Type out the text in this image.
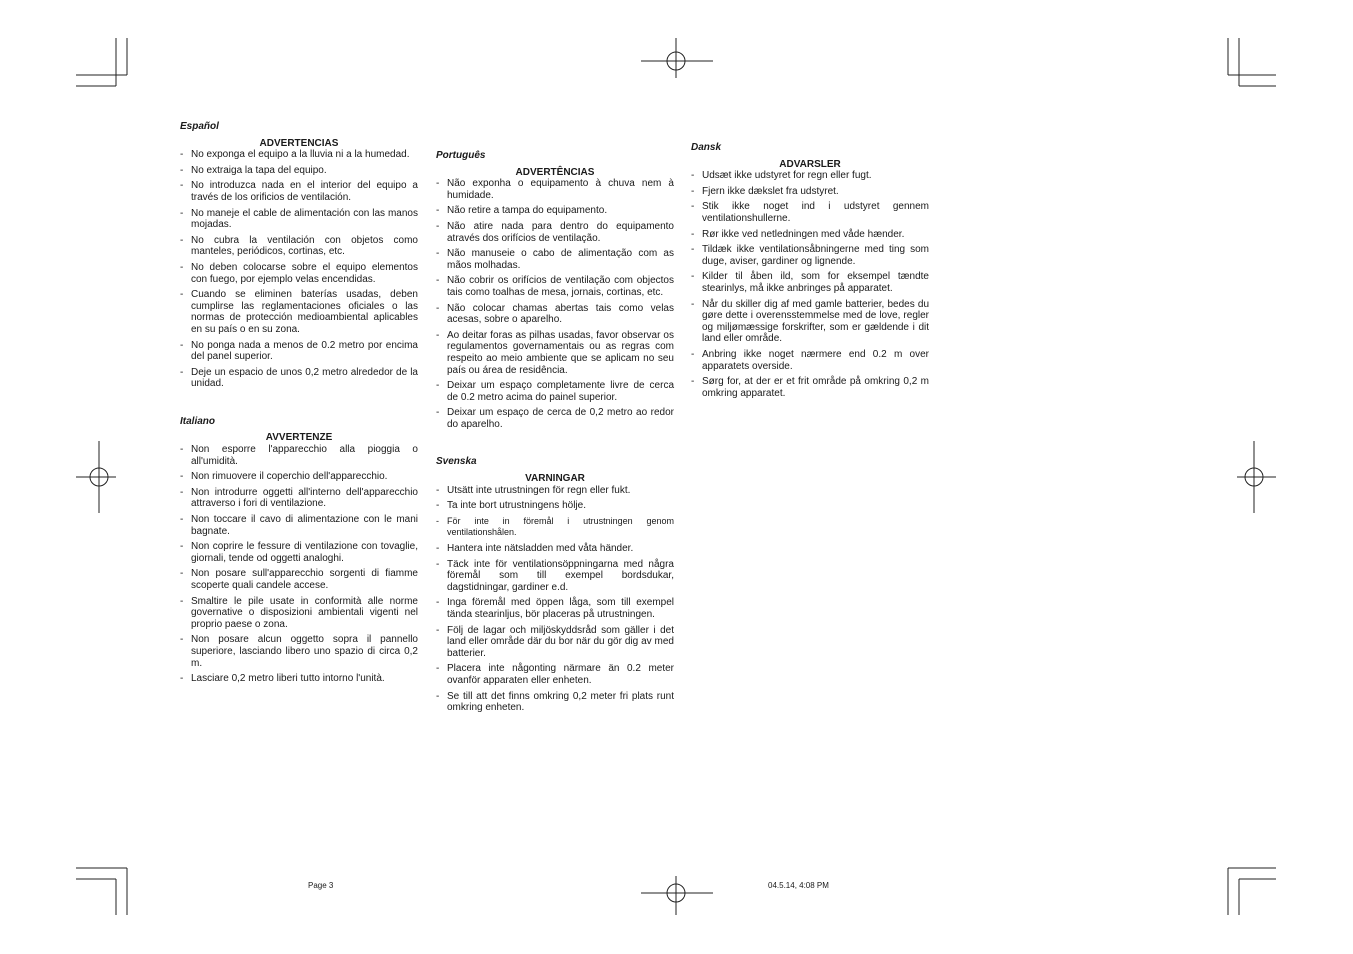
Español

ADVERTENCIAS

- No exponga el equipo a la lluvia ni a la humedad.
- No extraiga la tapa del equipo.
- No introduzca nada en el interior del equipo a través de los orificios de ventilación.
- No maneje el cable de alimentación con las manos mojadas.
- No cubra la ventilación con objetos como manteles, periódicos, cortinas, etc.
- No deben colocarse sobre el equipo elementos con fuego, por ejemplo velas encendidas.
- Cuando se eliminen baterías usadas, deben cumplirse las reglamentaciones oficiales o las normas de protección medioambiental aplicables en su país o en su zona.
- No ponga nada a menos de 0.2 metro por encima del panel superior.
- Deje un espacio de unos 0,2 metro alrededor de la unidad.

Italiano

AVVERTENZE

- Non esporre l'apparecchio alla pioggia o all'umidità.
- Non rimuovere il coperchio dell'apparecchio.
- Non introdurre oggetti all'interno dell'apparecchio attraverso i fori di ventilazione.
- Non toccare il cavo di alimentazione con le mani bagnate.
- Non coprire le fessure di ventilazione con tovaglie, giornali, tende od oggetti analoghi.
- Non posare sull'apparecchio sorgenti di fiamme scoperte quali candele accese.
- Smaltire le pile usate in conformità alle norme governative o disposizioni ambientali vigenti nel proprio paese o zona.
- Non posare alcun oggetto sopra il pannello superiore, lasciando libero uno spazio di circa 0,2 m.
- Lasciare 0,2 metro liberi tutto intorno l'unità.

Português

ADVERTÊNCIAS

- Não exponha o equipamento à chuva nem à humidade.
- Não retire a tampa do equipamento.
- Não atire nada para dentro do equipamento através dos orifícios de ventilação.
- Não manuseie o cabo de alimentação com as mãos molhadas.
- Não cobrir os orifícios de ventilação com objectos tais como toalhas de mesa, jornais, cortinas, etc.
- Não colocar chamas abertas tais como velas acesas, sobre o aparelho.
- Ao deitar foras as pilhas usadas, favor observar os regulamentos governamentais ou as regras com respeito ao meio ambiente que se aplicam no seu país ou área de residência.
- Deixar um espaço completamente livre de cerca de 0.2 metro acima do painel superior.
- Deixar um espaço de cerca de 0,2 metro ao redor do aparelho.

Svenska

VARNINGAR

- Utsätt inte utrustningen för regn eller fukt.
- Ta inte bort utrustningens hölje.
- För inte in föremål i utrustningen genom ventilationshålen.
- Hantera inte nätsladden med våta händer.
- Täck inte för ventilationsöppningarna med några föremål som till exempel bordsdukar, dagstidningar, gardiner e.d.
- Inga föremål med öppen låga, som till exempel tända stearinljus, bör placeras på utrustningen.
- Följ de lagar och miljöskyddsråd som gäller i det land eller område där du bor när du gör dig av med batterier.
- Placera inte någonting närmare än 0.2 meter ovanför apparaten eller enheten.
- Se till att det finns omkring 0,2 meter fri plats runt omkring enheten.

Dansk

ADVARSLER

- Udsæt ikke udstyret for regn eller fugt.
- Fjern ikke dækslet fra udstyret.
- Stik ikke noget ind i udstyret gennem ventilationshullerne.
- Rør ikke ved netledningen med våde hænder.
- Tildæk ikke ventilationsåbningerne med ting som duge, aviser, gardiner og lignende.
- Kilder til åben ild, som for eksempel tændte stearinlys, må ikke anbringes på apparatet.
- Når du skiller dig af med gamle batterier, bedes du gøre dette i overensstemmelse med de love, regler og miljømæssige forskrifter, som er gældende i dit land eller område.
- Anbring ikke noget nærmere end 0.2 m over apparatets overside.
- Sørg for, at der er et frit område på omkring 0,2 m omkring apparatet.
Page 3	04.5.14, 4:08 PM
